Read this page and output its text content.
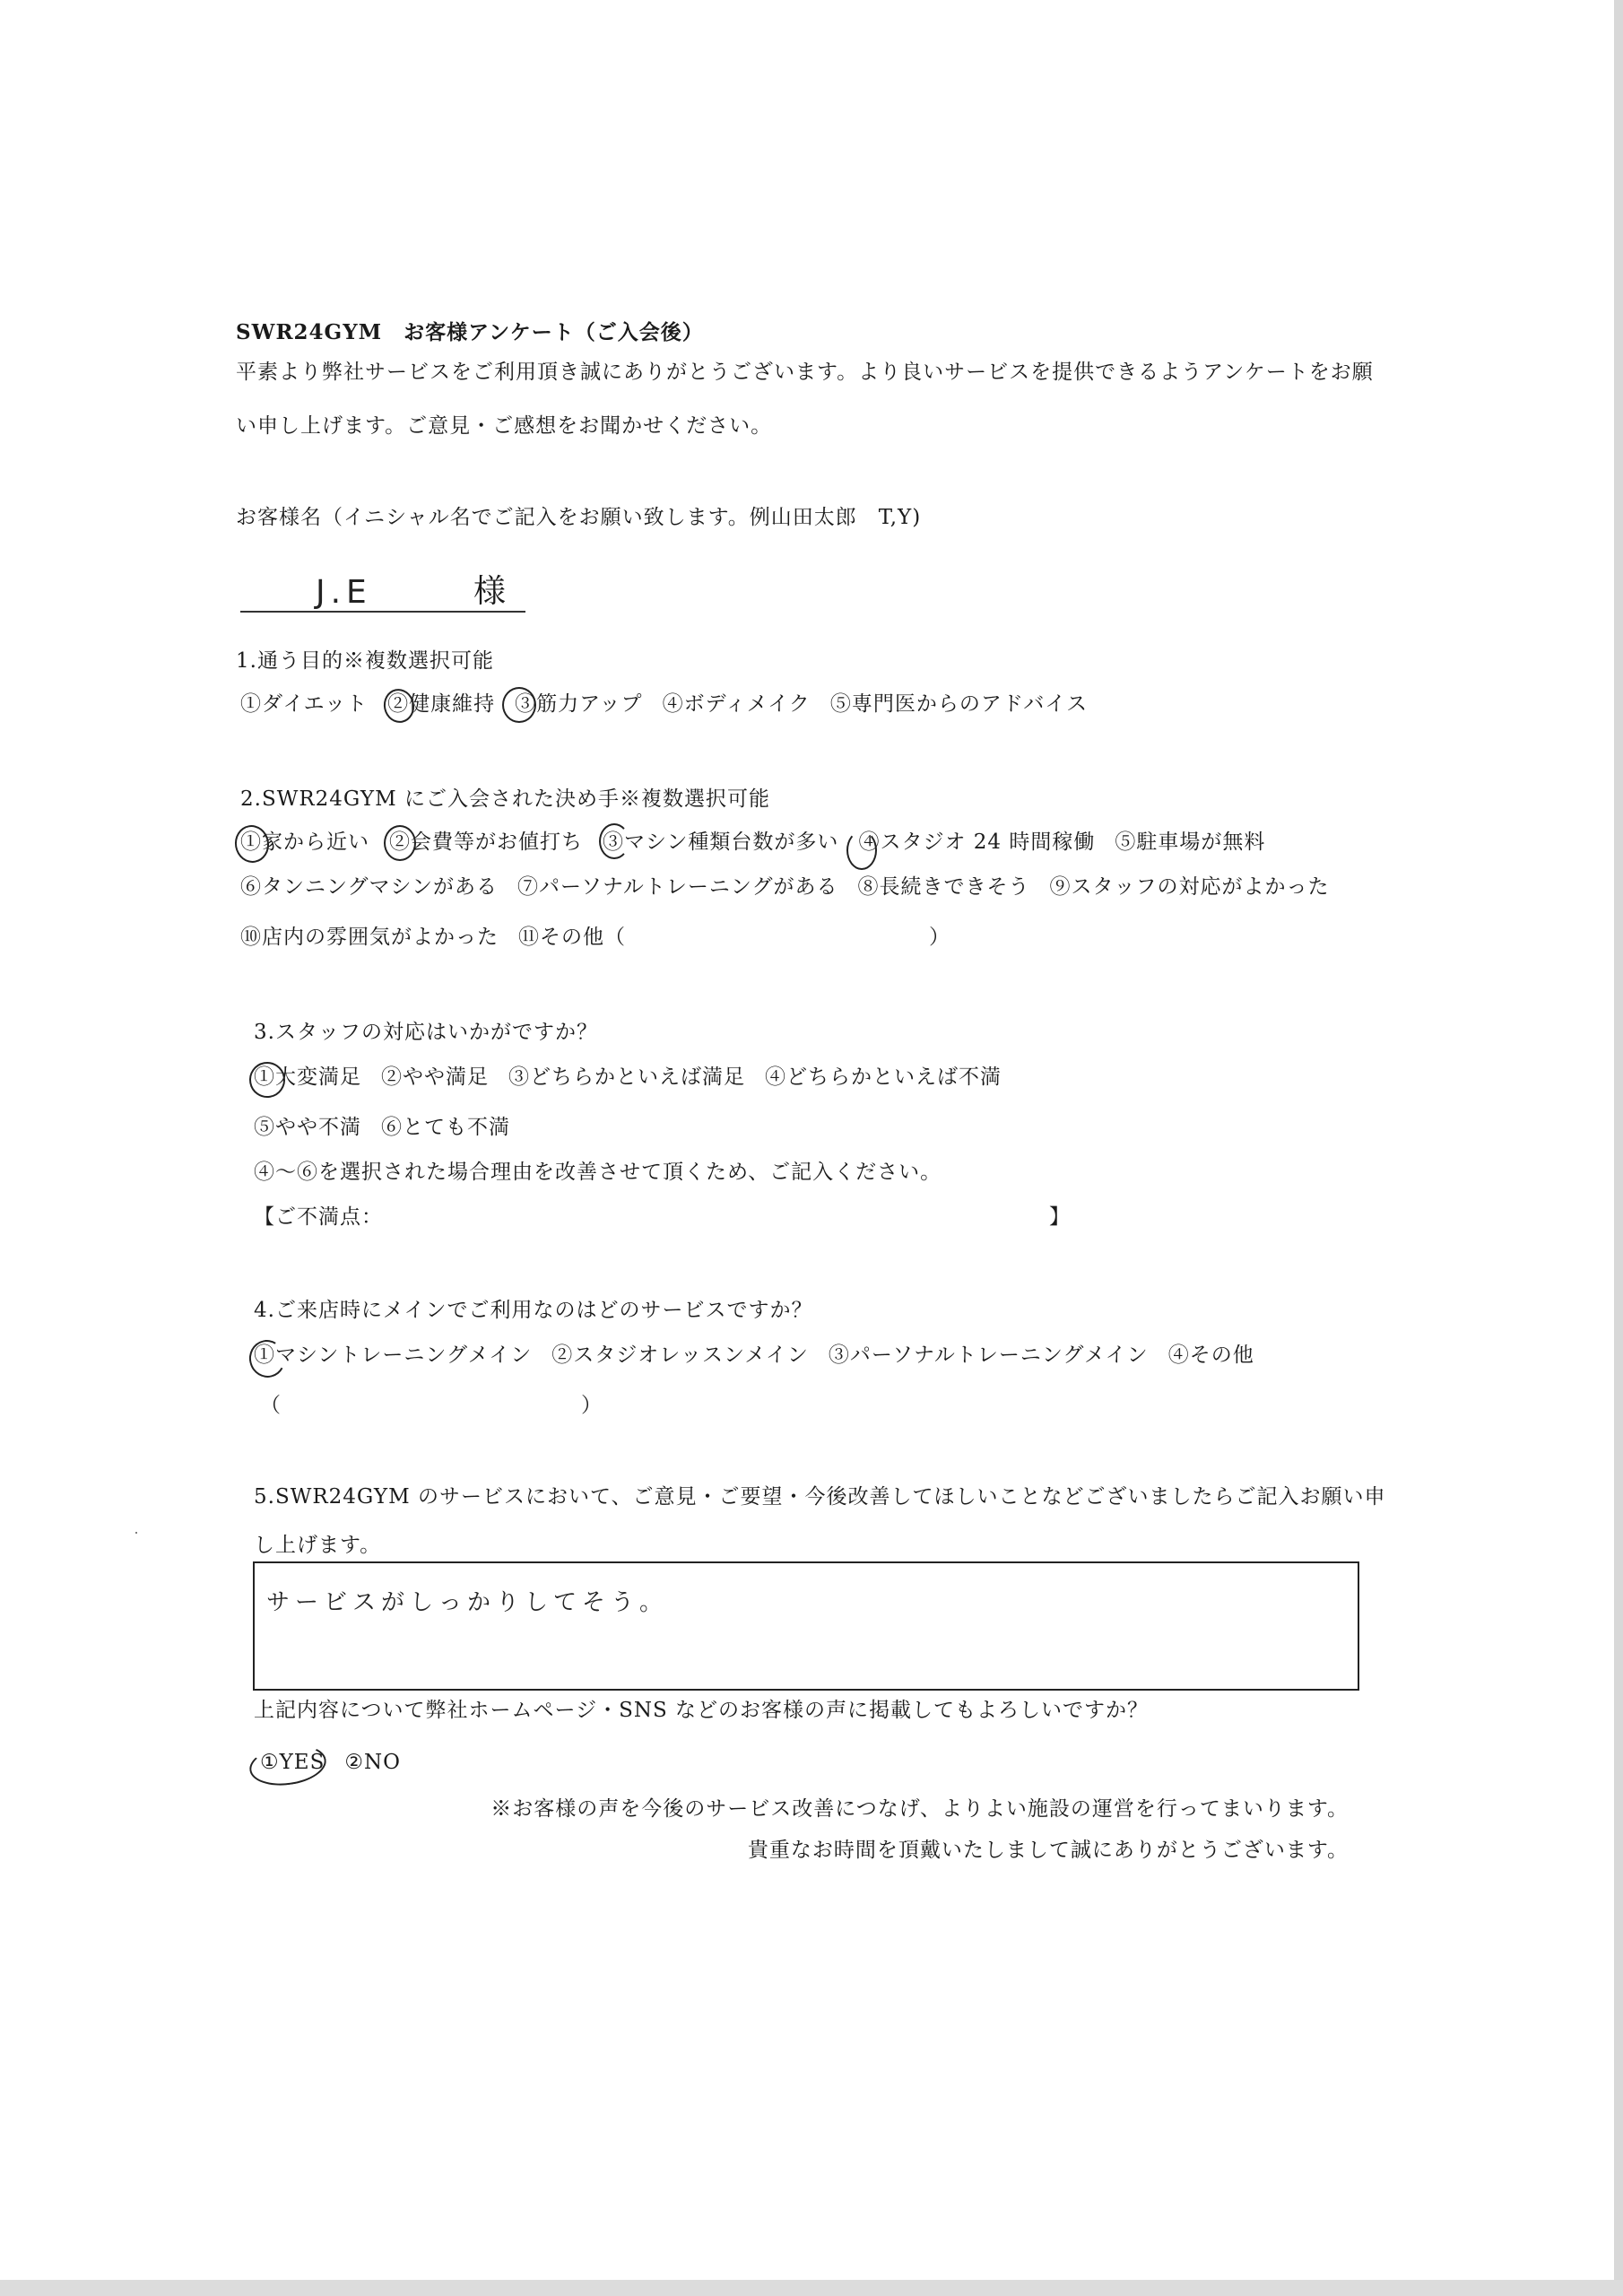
SWR24GYM　お客様アンケート（ご入会後）
平素より弊社サービスをご利用頂き誠にありがとうございます。より良いサービスを提供できるようアンケートをお願
い申し上げます。ご意見・ご感想をお聞かせください。
お客様名（イニシャル名でご記入をお願い致します。例山田太郎　T,Y)
J.E	様
1.通う目的※複数選択可能
①ダイエット ②健康維持 ③筋力アップ ④ボディメイク ⑤専門医からのアドバイス
2.SWR24GYM にご入会された決め手※複数選択可能
①家から近い ②会費等がお値打ち ③マシン種類台数が多い ④スタジオ 24 時間稼働 ⑤駐車場が無料
⑥タンニングマシンがある ⑦パーソナルトレーニングがある ⑧長続きできそう ⑨スタッフの対応がよかった
⑩店内の雰囲気がよかった ⑪その他（	）
3.スタッフの対応はいかがですか？
①大変満足 ②やや満足 ③どちらかといえば満足 ④どちらかといえば不満
⑤やや不満 ⑥とても不満
④～⑥を選択された場合理由を改善させて頂くため、ご記入ください。
【ご不満点：	】
4.ご来店時にメインでご利用なのはどのサービスですか？
①マシントレーニングメイン ②スタジオレッスンメイン ③パーソナルトレーニングメイン ④その他
（	）
5.SWR24GYM のサービスにおいて、ご意見・ご要望・今後改善してほしいことなどございましたらご記入お願い申
し上げます。
サービスがしっかりしてそう。
上記内容について弊社ホームページ・SNS などのお客様の声に掲載してもよろしいですか？
①YES ②NO
※お客様の声を今後のサービス改善につなげ、よりよい施設の運営を行ってまいります。
貴重なお時間を頂戴いたしまして誠にありがとうございます。
